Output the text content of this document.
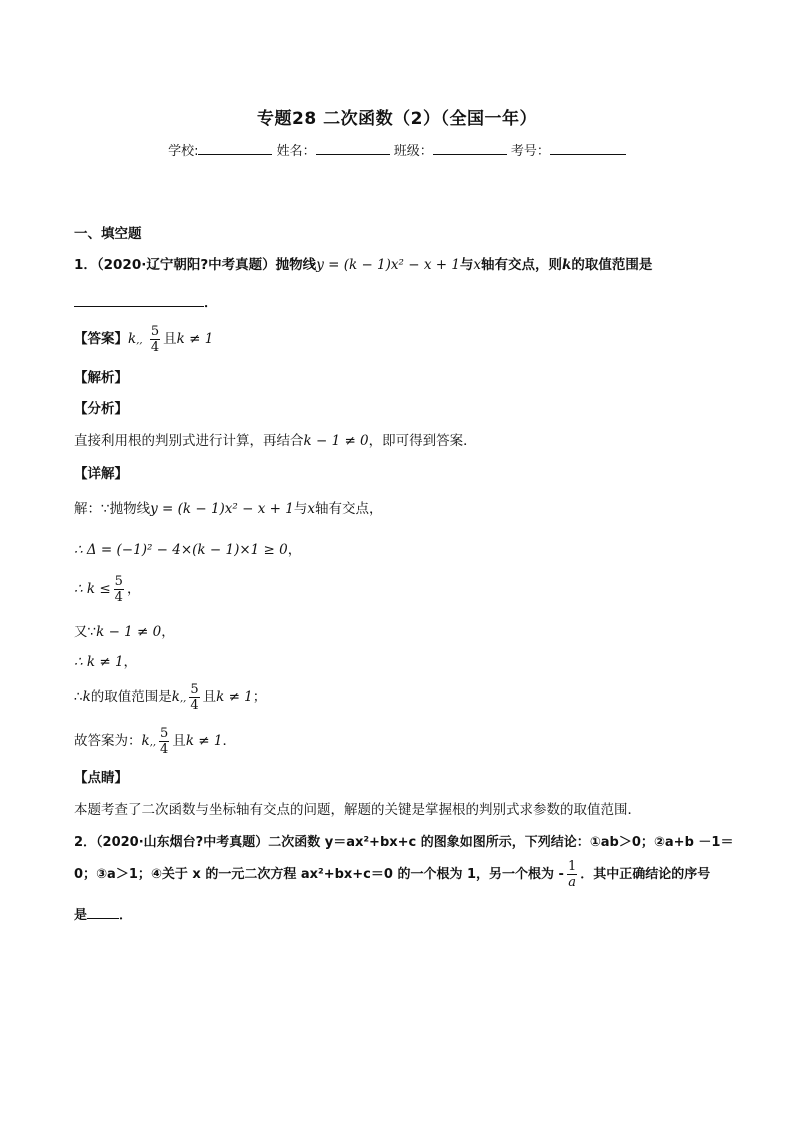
专题28 二次函数（2）（全国一年）
学校:	姓名：	班级：	考号：
一、填空题
1．（2020·辽宁朝阳?中考真题）抛物线y = (k − 1)x² − x + 1与x轴有交点，则k的取值范围是
．
【答案】k,, $\frac{5}{4}$ 且k ≠ 1
【解析】
【分析】
直接利用根的判别式进行计算，再结合k − 1 ≠ 0，即可得到答案．
【详解】
解：∵抛物线y = (k − 1)x² − x + 1与x轴有交点，
∴ Δ = (−1)² − 4×(k − 1)×1 ≥ 0，
∴ $k \le \frac{5}{4}$ ，
又∵k − 1 ≠ 0，
∴ k ≠ 1，
∴k的取值范围是k,, $\frac{5}{4}$ 且k ≠ 1；
故答案为：k,, $\frac{5}{4}$ 且k ≠ 1．
【点睛】
本题考查了二次函数与坐标轴有交点的问题，解题的关键是掌握根的判别式求参数的取值范围．
2．（2020·山东烟台?中考真题）二次函数 y＝ax²+bx+c 的图象如图所示，下列结论：①ab＞0；②a+b －1＝
0；③a＞1；④关于 x 的一元二次方程 ax²+bx+c＝0 的一个根为 1，另一个根为 - $\frac{1}{a}$ ．其中正确结论的序号
是 ．
